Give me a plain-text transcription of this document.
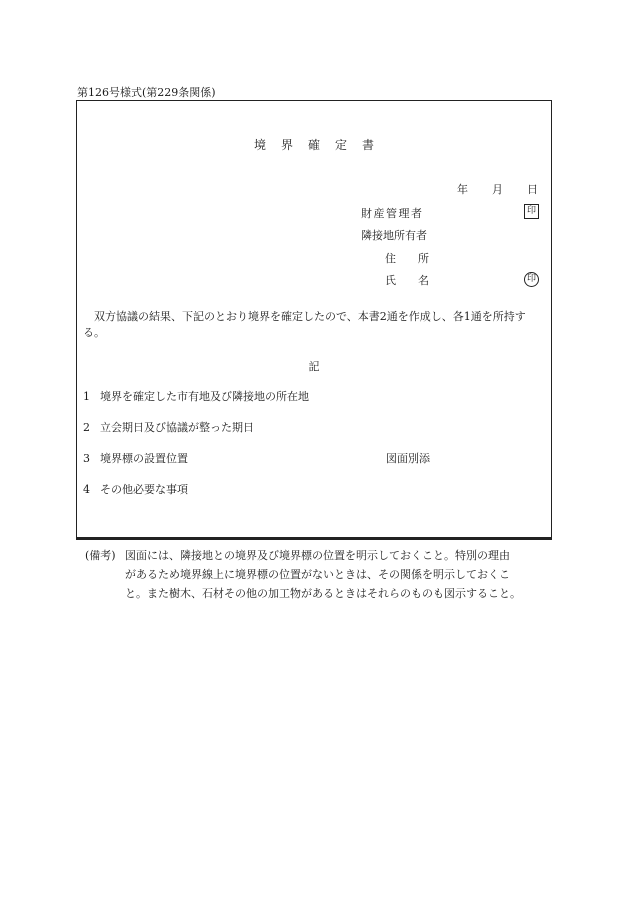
第126号様式(第229条関係)
境界確定書
年 月 日
財産管理者	印
隣接地所有者
住所
氏名	印
双方協議の結果、下記のとおり境界を確定したので、本書2通を作成し、各1通を所持する。
記
1 境界を確定した市有地及び隣接地の所在地
2 立会期日及び協議が整った期日
3 境界標の設置位置	図面別添
4 その他必要な事項
(備考) 図面には、隣接地との境界及び境界標の位置を明示しておくこと。特別の理由
があるため境界線上に境界標の位置がないときは、その関係を明示しておくこ
と。また樹木、石材その他の加工物があるときはそれらのものも図示すること。
